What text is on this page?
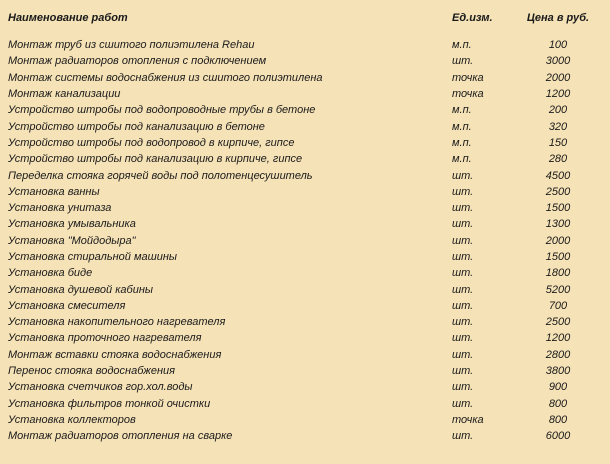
Наименование работ	Ед.изм.	Цена в руб.
Монтаж труб из сшитого полиэтилена Rehau	м.п.	100
Монтаж радиаторов отопления с подключением	шт.	3000
Монтаж системы водоснабжения из сшитого полиэтилена	точка	2000
Монтаж канализации	точка	1200
Устройство штробы под водопроводные трубы в бетоне	м.п.	200
Устройство штробы под канализацию в бетоне	м.п.	320
Устройство штробы под водопровод в кирпиче, гипсе	м.п.	150
Устройство штробы под канализацию в кирпиче, гипсе	м.п.	280
Переделка стояка горячей воды под полотенцесушитель	шт.	4500
Установка ванны	шт.	2500
Установка унитаза	шт.	1500
Установка умывальника	шт.	1300
Установка "Мойдодыра"	шт.	2000
Установка стиральной машины	шт.	1500
Установка биде	шт.	1800
Установка душевой кабины	шт.	5200
Установка смесителя	шт.	700
Установка накопительного нагревателя	шт.	2500
Установка проточного нагревателя	шт.	1200
Монтаж вставки стояка водоснабжения	шт.	2800
Перенос стояка водоснабжения	шт.	3800
Установка счетчиков гор.хол.воды	шт.	900
Установка фильтров тонкой очистки	шт.	800
Установка коллекторов	точка	800
Монтаж радиаторов отопления на сварке	шт.	6000
